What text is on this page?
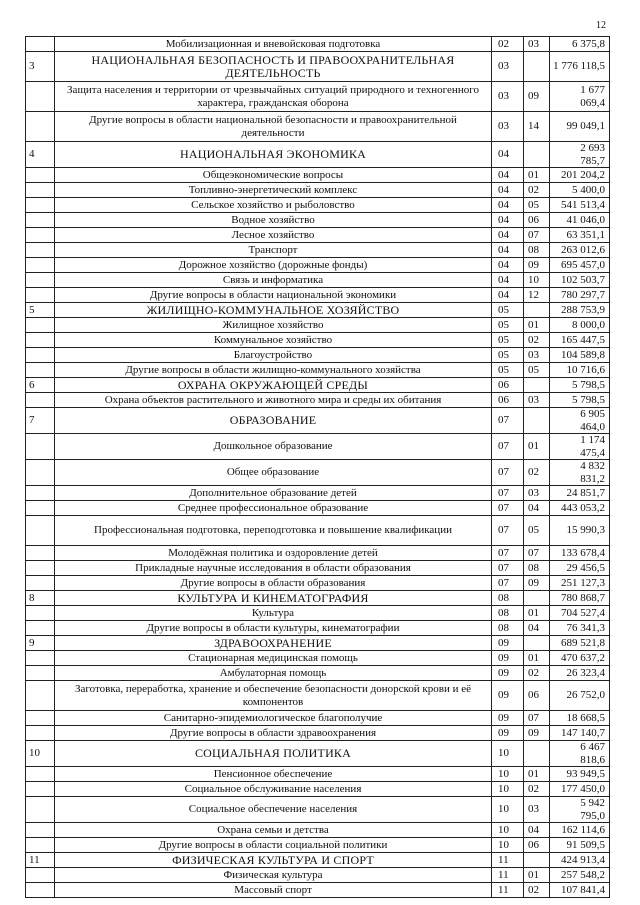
12
	Мобилизационная и вневойсковая подготовка	02	03	6 375,8
3	НАЦИОНАЛЬНАЯ БЕЗОПАСНОСТЬ И ПРАВООХРАНИТЕЛЬНАЯ ДЕЯТЕЛЬНОСТЬ	03		1 776 118,5
	Защита населения и территории от чрезвычайных ситуаций природного и техногенного характера, гражданская оборона	03	09	1 677 069,4
	Другие вопросы в области национальной безопасности и правоохранительной деятельности	03	14	99 049,1
4	НАЦИОНАЛЬНАЯ ЭКОНОМИКА	04		2 693 785,7
	Общеэкономические вопросы	04	01	201 204,2
	Топливно-энергетический комплекс	04	02	5 400,0
	Сельское хозяйство и рыболовство	04	05	541 513,4
	Водное хозяйство	04	06	41 046,0
	Лесное хозяйство	04	07	63 351,1
	Транспорт	04	08	263 012,6
	Дорожное хозяйство (дорожные фонды)	04	09	695 457,0
	Связь и информатика	04	10	102 503,7
	Другие вопросы в области национальной экономики	04	12	780 297,7
5	ЖИЛИЩНО-КОММУНАЛЬНОЕ ХОЗЯЙСТВО	05		288 753,9
	Жилищное хозяйство	05	01	8 000,0
	Коммунальное хозяйство	05	02	165 447,5
	Благоустройство	05	03	104 589,8
	Другие вопросы в области жилищно-коммунального хозяйства	05	05	10 716,6
6	ОХРАНА ОКРУЖАЮЩЕЙ СРЕДЫ	06		5 798,5
	Охрана объектов растительного и животного мира и среды их обитания	06	03	5 798,5
7	ОБРАЗОВАНИЕ	07		6 905 464,0
	Дошкольное образование	07	01	1 174 475,4
	Общее образование	07	02	4 832 831,2
	Дополнительное образование детей	07	03	24 851,7
	Среднее профессиональное образование	07	04	443 053,2
	Профессиональная подготовка, переподготовка и повышение квалификации	07	05	15 990,3
	Молодёжная политика и оздоровление детей	07	07	133 678,4
	Прикладные научные исследования в области образования	07	08	29 456,5
	Другие вопросы в области образования	07	09	251 127,3
8	КУЛЬТУРА И КИНЕМАТОГРАФИЯ	08		780 868,7
	Культура	08	01	704 527,4
	Другие вопросы в области культуры, кинематографии	08	04	76 341,3
9	ЗДРАВООХРАНЕНИЕ	09		689 521,8
	Стационарная медицинская помощь	09	01	470 637,2
	Амбулаторная помощь	09	02	26 323,4
	Заготовка, переработка, хранение и обеспечение безопасности донорской крови и её компонентов	09	06	26 752,0
	Санитарно-эпидемиологическое благополучие	09	07	18 668,5
	Другие вопросы в области здравоохранения	09	09	147 140,7
10	СОЦИАЛЬНАЯ ПОЛИТИКА	10		6 467 818,6
	Пенсионное обеспечение	10	01	93 949,5
	Социальное обслуживание населения	10	02	177 450,0
	Социальное обеспечение населения	10	03	5 942 795,0
	Охрана семьи и детства	10	04	162 114,6
	Другие вопросы в области социальной политики	10	06	91 509,5
11	ФИЗИЧЕСКАЯ КУЛЬТУРА И СПОРТ	11		424 913,4
	Физическая культура	11	01	257 548,2
	Массовый спорт	11	02	107 841,4
